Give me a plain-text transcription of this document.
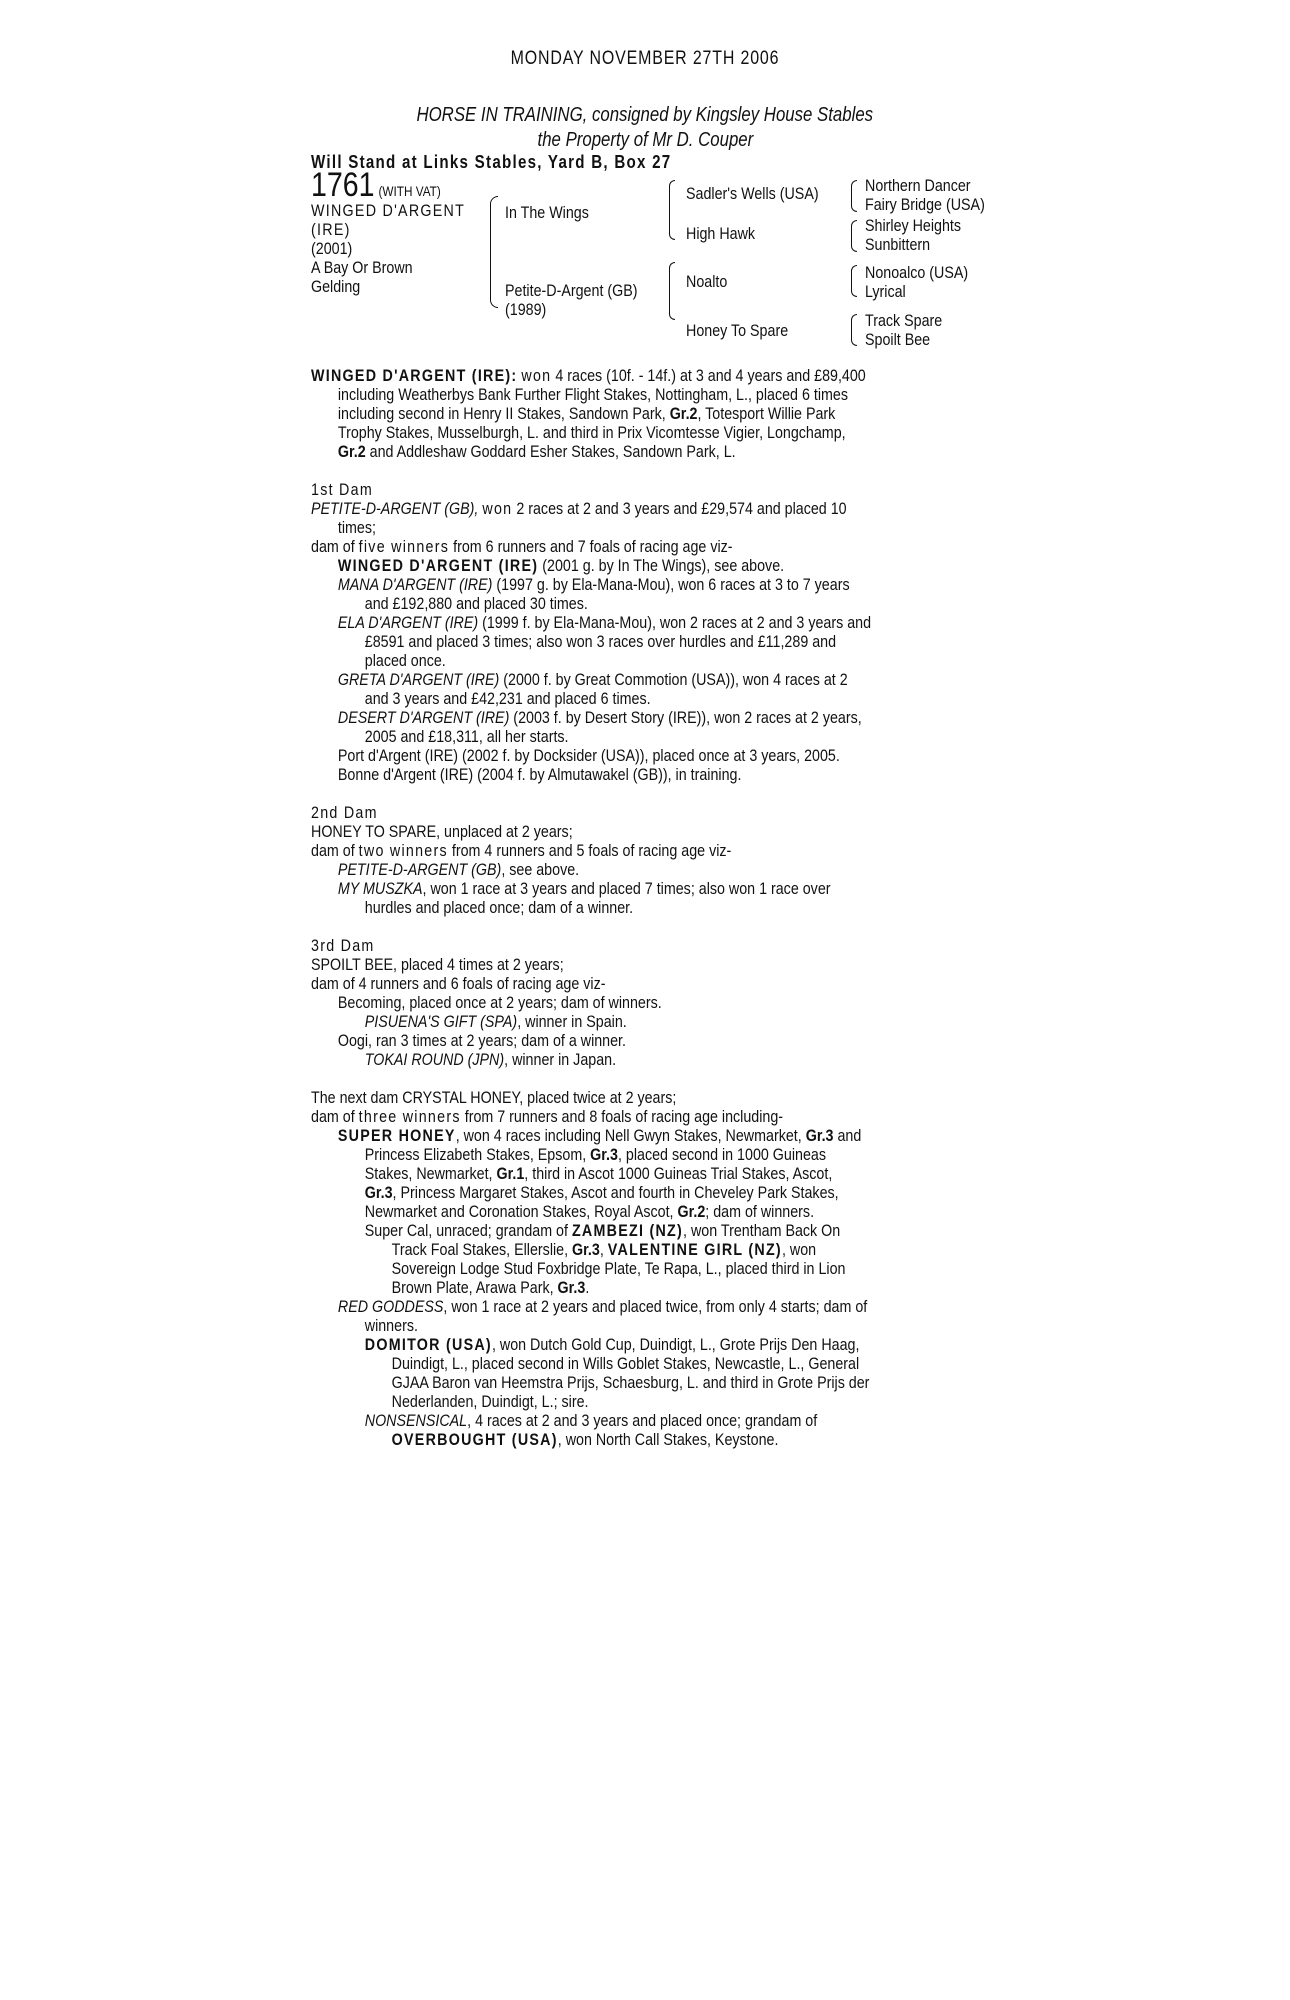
MONDAY NOVEMBER 27TH 2006
HORSE IN TRAINING, consigned by Kingsley House Stables
the Property of Mr D. Couper
Will Stand at Links Stables, Yard B, Box 27
1761 (WITH VAT)
WINGED D'ARGENT
(IRE)
(2001)
A Bay Or Brown
Gelding
In The Wings
Petite-D-Argent (GB)
(1989)
Sadler's Wells (USA)
High Hawk
Noalto
Honey To Spare
Northern Dancer
Fairy Bridge (USA)
Shirley Heights
Sunbittern
Nonoalco (USA)
Lyrical
Track Spare
Spoilt Bee

WINGED D'ARGENT (IRE): won 4 races (10f. - 14f.) at 3 and 4 years and £89,400

including Weatherbys Bank Further Flight Stakes, Nottingham, L., placed 6 times

including second in Henry II Stakes, Sandown Park, Gr.2, Totesport Willie Park

Trophy Stakes, Musselburgh, L. and third in Prix Vicomtesse Vigier, Longchamp,

Gr.2 and Addleshaw Goddard Esher Stakes, Sandown Park, L.

1st Dam

PETITE-D-ARGENT (GB), won 2 races at 2 and 3 years and £29,574 and placed 10

times;

dam of five winners from 6 runners and 7 foals of racing age viz-

WINGED D'ARGENT (IRE) (2001 g. by In The Wings), see above.

MANA D'ARGENT (IRE) (1997 g. by Ela-Mana-Mou), won 6 races at 3 to 7 years

and £192,880 and placed 30 times.

ELA D'ARGENT (IRE) (1999 f. by Ela-Mana-Mou), won 2 races at 2 and 3 years and

£8591 and placed 3 times; also won 3 races over hurdles and £11,289 and

placed once.

GRETA D'ARGENT (IRE) (2000 f. by Great Commotion (USA)), won 4 races at 2

and 3 years and £42,231 and placed 6 times.

DESERT D'ARGENT (IRE) (2003 f. by Desert Story (IRE)), won 2 races at 2 years,

2005 and £18,311, all her starts.

Port d'Argent (IRE) (2002 f. by Docksider (USA)), placed once at 3 years, 2005.

Bonne d'Argent (IRE) (2004 f. by Almutawakel (GB)), in training.

2nd Dam

HONEY TO SPARE, unplaced at 2 years;

dam of two winners from 4 runners and 5 foals of racing age viz-

PETITE-D-ARGENT (GB), see above.

MY MUSZKA, won 1 race at 3 years and placed 7 times; also won 1 race over

hurdles and placed once; dam of a winner.

3rd Dam

SPOILT BEE, placed 4 times at 2 years;

dam of 4 runners and 6 foals of racing age viz-

Becoming, placed once at 2 years; dam of winners.

PISUENA'S GIFT (SPA), winner in Spain.

Oogi, ran 3 times at 2 years; dam of a winner.

TOKAI ROUND (JPN), winner in Japan.

The next dam CRYSTAL HONEY, placed twice at 2 years;

dam of three winners from 7 runners and 8 foals of racing age including-

SUPER HONEY, won 4 races including Nell Gwyn Stakes, Newmarket, Gr.3 and

Princess Elizabeth Stakes, Epsom, Gr.3, placed second in 1000 Guineas

Stakes, Newmarket, Gr.1, third in Ascot 1000 Guineas Trial Stakes, Ascot,

Gr.3, Princess Margaret Stakes, Ascot and fourth in Cheveley Park Stakes,

Newmarket and Coronation Stakes, Royal Ascot, Gr.2; dam of winners.

Super Cal, unraced; grandam of ZAMBEZI (NZ), won Trentham Back On

Track Foal Stakes, Ellerslie, Gr.3, VALENTINE GIRL (NZ), won

Sovereign Lodge Stud Foxbridge Plate, Te Rapa, L., placed third in Lion

Brown Plate, Arawa Park, Gr.3.

RED GODDESS, won 1 race at 2 years and placed twice, from only 4 starts; dam of

winners.

DOMITOR (USA), won Dutch Gold Cup, Duindigt, L., Grote Prijs Den Haag,

Duindigt, L., placed second in Wills Goblet Stakes, Newcastle, L., General

GJAA Baron van Heemstra Prijs, Schaesburg, L. and third in Grote Prijs der

Nederlanden, Duindigt, L.; sire.

NONSENSICAL, 4 races at 2 and 3 years and placed once; grandam of

OVERBOUGHT (USA), won North Call Stakes, Keystone.
